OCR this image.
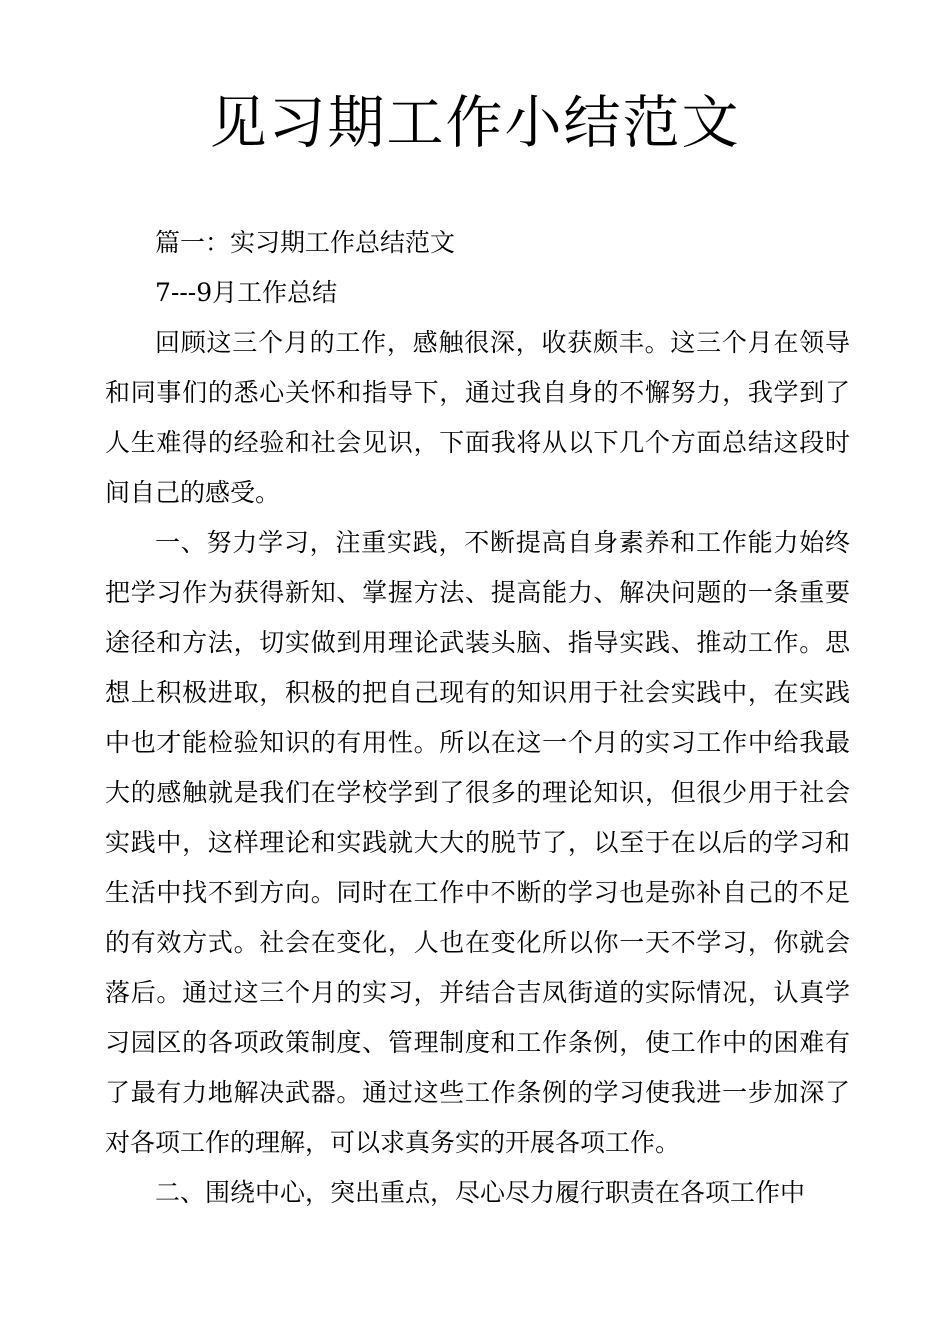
见习期工作小结范文

篇一：实习期工作总结范文

7---9月工作总结

回顾这三个月的工作，感触很深，收获颇丰。这三个月在领导和同事们的悉心关怀和指导下，通过我自身的不懈努力，我学到了人生难得的经验和社会见识，下面我将从以下几个方面总结这段时间自己的感受。

一、努力学习，注重实践，不断提高自身素养和工作能力始终把学习作为获得新知、掌握方法、提高能力、解决问题的一条重要途径和方法，切实做到用理论武装头脑、指导实践、推动工作。思想上积极进取，积极的把自己现有的知识用于社会实践中，在实践中也才能检验知识的有用性。所以在这一个月的实习工作中给我最大的感触就是我们在学校学到了很多的理论知识，但很少用于社会实践中，这样理论和实践就大大的脱节了，以至于在以后的学习和生活中找不到方向。同时在工作中不断的学习也是弥补自己的不足的有效方式。社会在变化，人也在变化所以你一天不学习，你就会落后。通过这三个月的实习，并结合吉凤街道的实际情况，认真学习园区的各项政策制度、管理制度和工作条例，使工作中的困难有了最有力地解决武器。通过这些工作条例的学习使我进一步加深了对各项工作的理解，可以求真务实的开展各项工作。

二、围绕中心，突出重点，尽心尽力履行职责在各项工作中
